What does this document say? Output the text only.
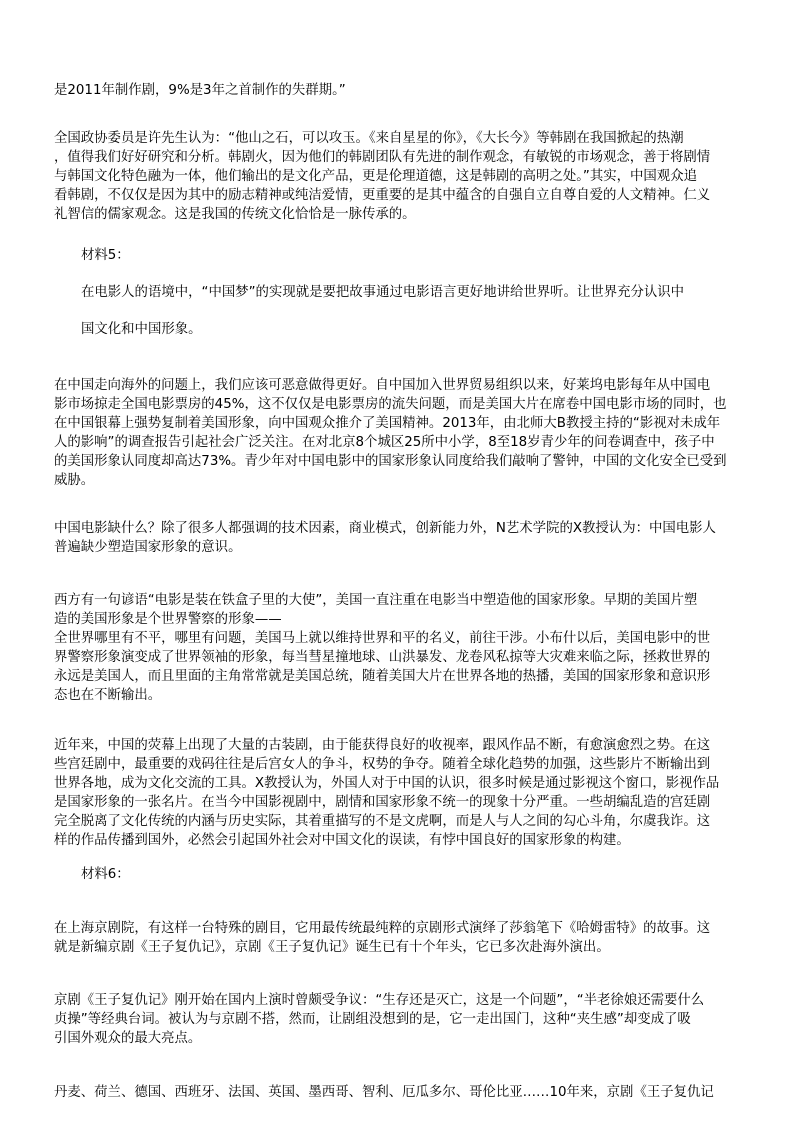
是2011年制作剧，9%是3年之首制作的失群期。”
全国政协委员是许先生认为：“他山之石，可以攻玉。《来自星星的你》，《大长今》等韩剧在我国掀起的热潮
，值得我们好好研究和分析。韩剧火，因为他们的韩剧团队有先进的制作观念，有敏锐的市场观念，善于将剧情
与韩国文化特色融为一体，他们输出的是文化产品，更是伦理道德，这是韩剧的高明之处。”其实，中国观众追
看韩剧，不仅仅是因为其中的励志精神或纯洁爱情，更重要的是其中蕴含的自强自立自尊自爱的人文精神。仁义
礼智信的儒家观念。这是我国的传统文化恰恰是一脉传承的。
材料5：
在电影人的语境中，“中国梦”的实现就是要把故事通过电影语言更好地讲给世界听。让世界充分认识中
国文化和中国形象。
在中国走向海外的问题上，我们应该可恶意做得更好。自中国加入世界贸易组织以来，好莱坞电影每年从中国电
影市场掠走全国电影票房的45%，这不仅仅是电影票房的流失问题，而是美国大片在席卷中国电影市场的同时，也
在中国银幕上强势复制着美国形象，向中国观众推介了美国精神。2013年，由北师大B教授主持的“影视对未成年
人的影响”的调查报告引起社会广泛关注。在对北京8个城区25所中小学，8至18岁青少年的问卷调查中，孩子中
的美国形象认同度却高达73%。青少年对中国电影中的国家形象认同度给我们敲响了警钟，中国的文化安全已受到
威胁。
中国电影缺什么？除了很多人都强调的技术因素，商业模式，创新能力外，N艺术学院的X教授认为：中国电影人
普遍缺少塑造国家形象的意识。
西方有一句谚语“电影是装在铁盒子里的大使”，美国一直注重在电影当中塑造他的国家形象。早期的美国片塑
造的美国形象是个世界警察的形象——
全世界哪里有不平，哪里有问题，美国马上就以维持世界和平的名义，前往干涉。小布什以后，美国电影中的世
界警察形象演变成了世界领袖的形象，每当彗星撞地球、山洪暴发、龙卷风私掠等大灾难来临之际，拯救世界的
永远是美国人，而且里面的主角常常就是美国总统，随着美国大片在世界各地的热播，美国的国家形象和意识形
态也在不断输出。
近年来，中国的荧幕上出现了大量的古装剧，由于能获得良好的收视率，跟风作品不断，有愈演愈烈之势。在这
些宫廷剧中，最重要的戏码往往是后宫女人的争斗，权势的争夺。随着全球化趋势的加强，这些影片不断输出到
世界各地，成为文化交流的工具。X教授认为，外国人对于中国的认识，很多时候是通过影视这个窗口，影视作品
是国家形象的一张名片。在当今中国影视剧中，剧情和国家形象不统一的现象十分严重。一些胡编乱造的宫廷剧
完全脱离了文化传统的内涵与历史实际，其着重描写的不是文虎啊，而是人与人之间的勾心斗角，尔虞我诈。这
样的作品传播到国外，必然会引起国外社会对中国文化的误读，有悖中国良好的国家形象的构建。
材料6：
在上海京剧院，有这样一台特殊的剧目，它用最传统最纯粹的京剧形式演绎了莎翁笔下《哈姆雷特》的故事。这
就是新编京剧《王子复仇记》，京剧《王子复仇记》诞生已有十个年头，它已多次赴海外演出。
京剧《王子复仇记》刚开始在国内上演时曾颇受争议：“生存还是灭亡，这是一个问题”，“半老徐娘还需要什么
贞操”等经典台词。被认为与京剧不搭，然而，让剧组没想到的是，它一走出国门，这种“夹生感”却变成了吸
引国外观众的最大亮点。
丹麦、荷兰、德国、西班牙、法国、英国、墨西哥、智利、厄瓜多尔、哥伦比亚……10年来，京剧《王子复仇记
